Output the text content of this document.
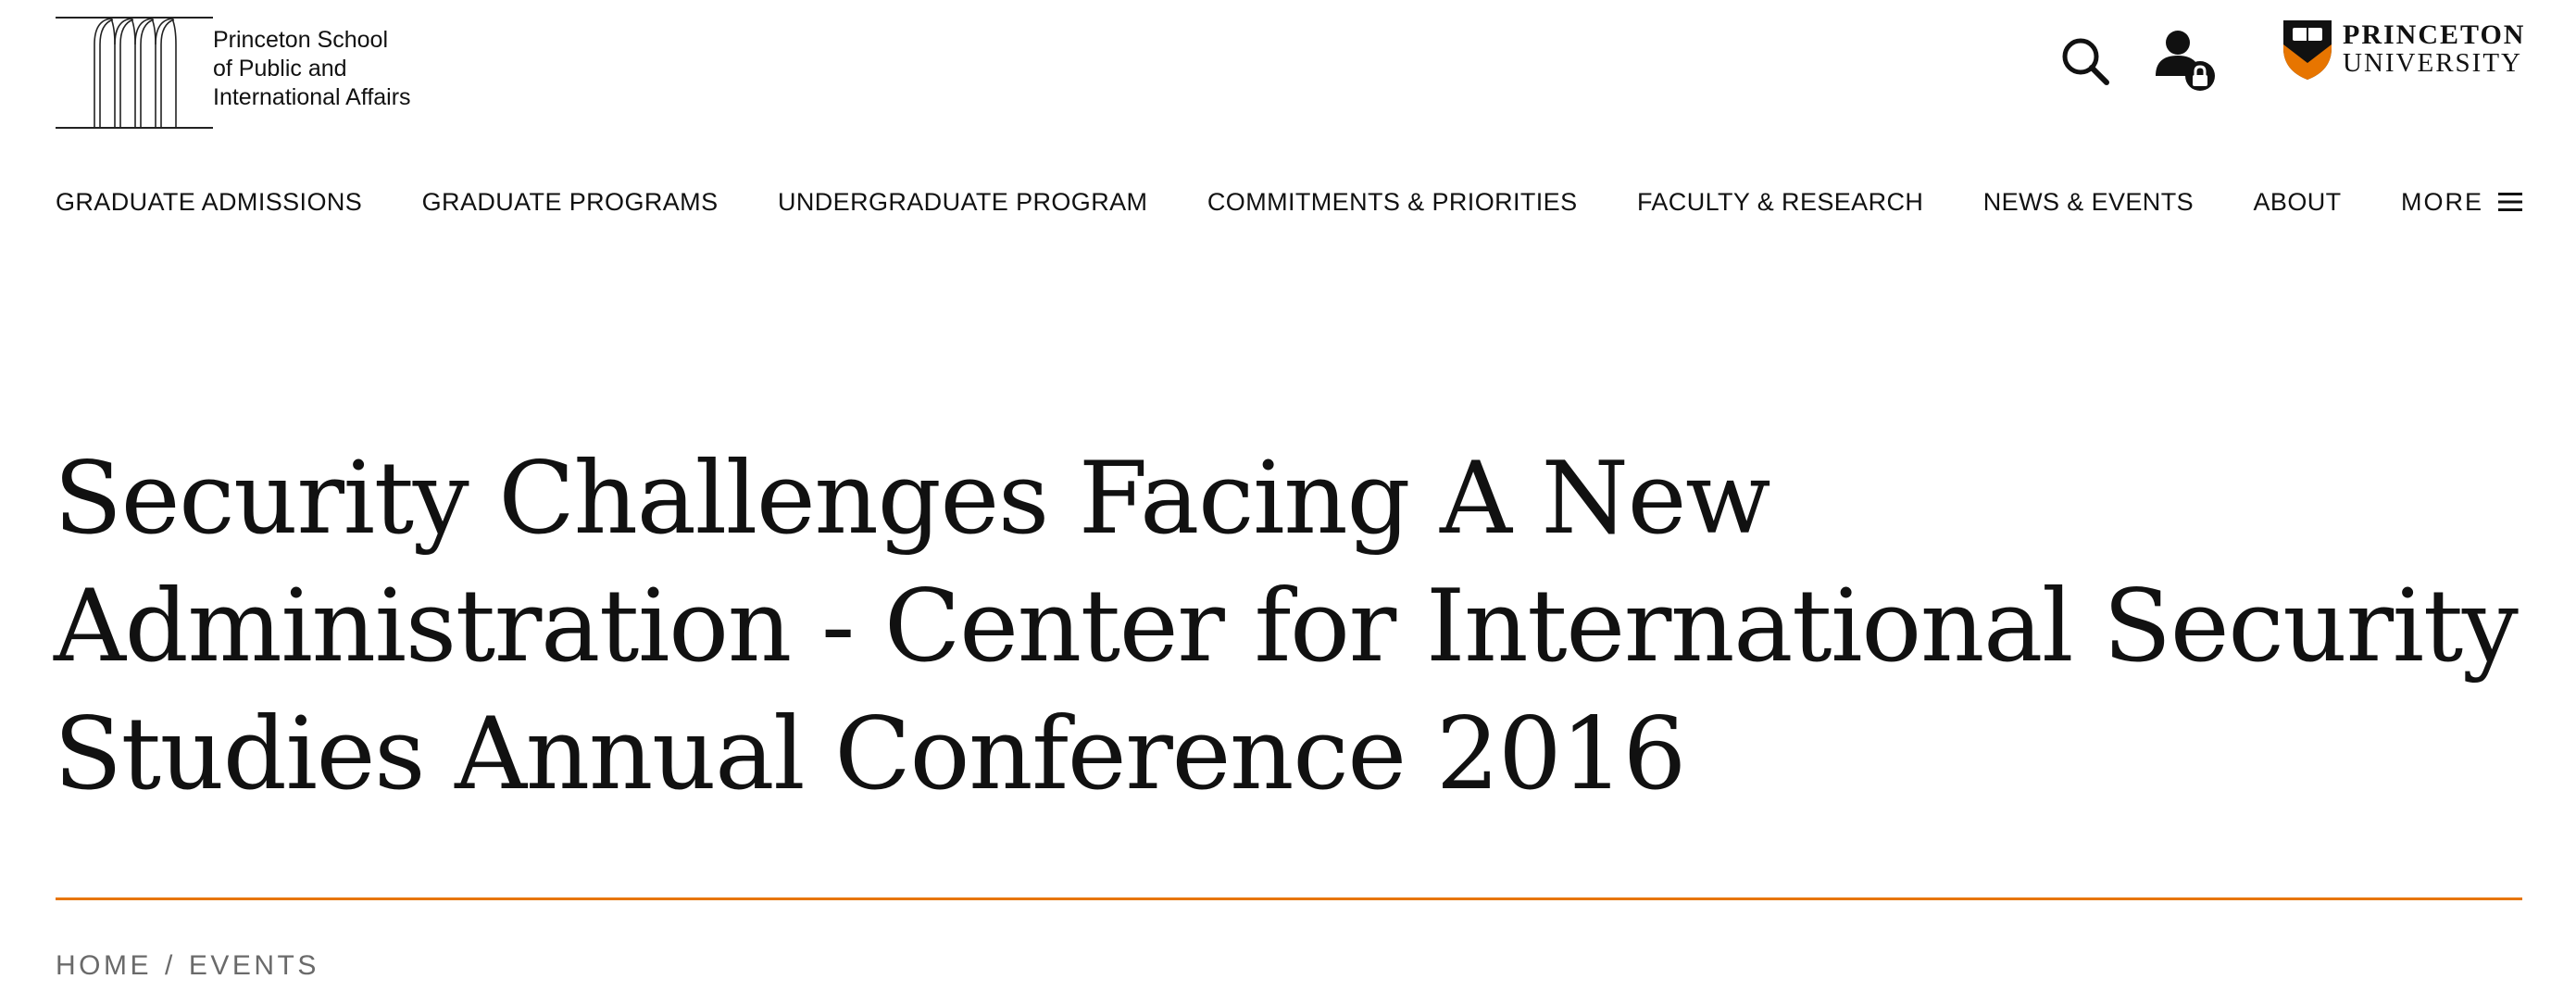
Princeton School
of Public and
International Affairs
PRINCETON
UNIVERSITY
GRADUATE ADMISSIONS GRADUATE PROGRAMS UNDERGRADUATE PROGRAM COMMITMENTS & PRIORITIES FACULTY & RESEARCH NEWS & EVENTS ABOUT MORE
Security Challenges Facing A New Administration - Center for International Security Studies Annual Conference 2016
HOME / EVENTS
